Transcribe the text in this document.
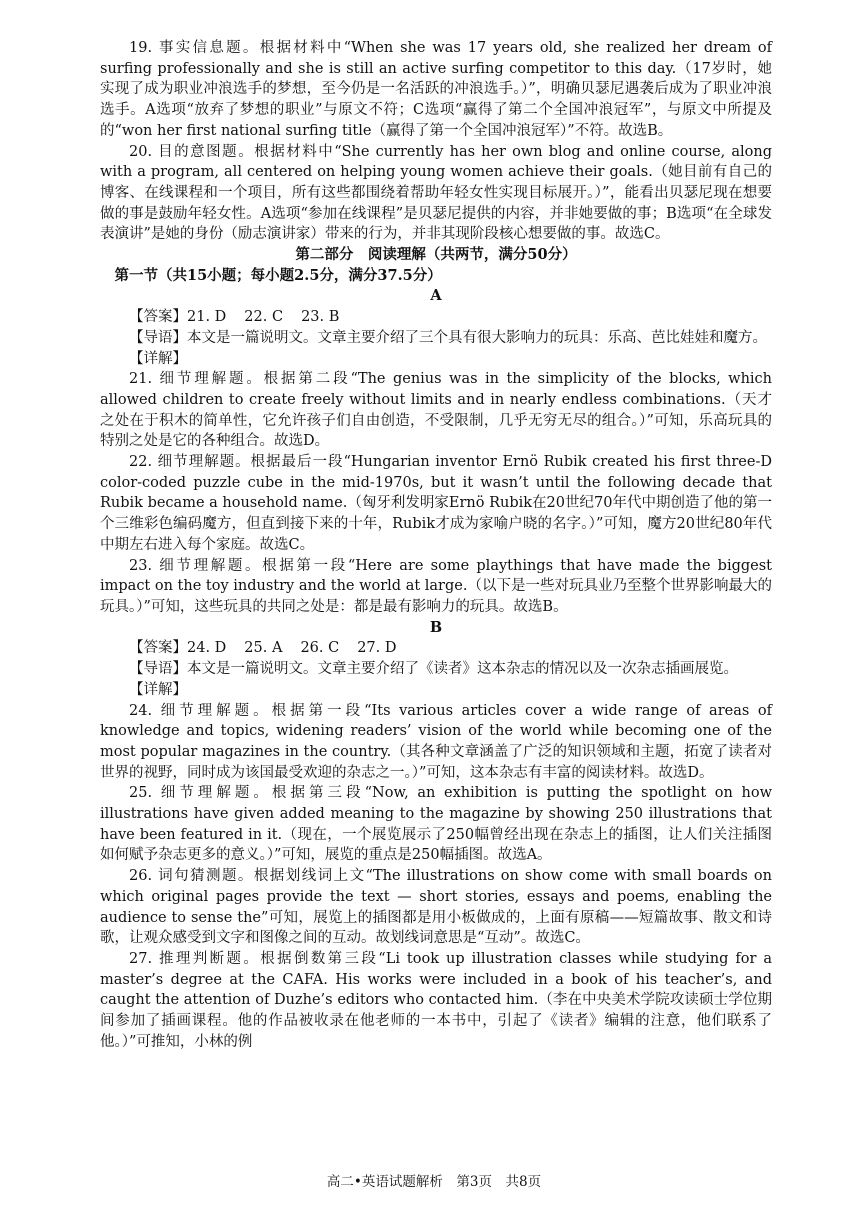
19. 事实信息题。根据材料中“When she was 17 years old, she realized her dream of surfing professionally and she is still an active surfing competitor to this day.（17岁时，她实现了成为职业冲浪选手的梦想，至今仍是一名活跃的冲浪选手。）”，明确贝瑟尼遇袭后成为了职业冲浪选手。A选项“放弃了梦想的职业”与原文不符；C选项“赢得了第二个全国冲浪冠军”，与原文中所提及的“won her first national surfing title（赢得了第一个全国冲浪冠军）”不符。故选B。

20. 目的意图题。根据材料中“She currently has her own blog and online course, along with a program, all centered on helping young women achieve their goals.（她目前有自己的博客、在线课程和一个项目，所有这些都围绕着帮助年轻女性实现目标展开。）”，能看出贝瑟尼现在想要做的事是鼓励年轻女性。A选项“参加在线课程”是贝瑟尼提供的内容，并非她要做的事；B选项“在全球发表演讲”是她的身份（励志演讲家）带来的行为，并非其现阶段核心想要做的事。故选C。

第二部分　阅读理解（共两节，满分50分）

第一节（共15小题；每小题2.5分，满分37.5分）

A

【答案】21. D 22. C 23. B

【导语】本文是一篇说明文。文章主要介绍了三个具有很大影响力的玩具：乐高、芭比娃娃和魔方。

【详解】

21. 细节理解题。根据第二段“The genius was in the simplicity of the blocks, which allowed children to create freely without limits and in nearly endless combinations.（天才之处在于积木的简单性，它允许孩子们自由创造，不受限制，几乎无穷无尽的组合。）”可知，乐高玩具的特别之处是它的各种组合。故选D。

22. 细节理解题。根据最后一段“Hungarian inventor Ernö Rubik created his first three-D color-coded puzzle cube in the mid-1970s, but it wasn’t until the following decade that Rubik became a household name.（匈牙利发明家Ernö Rubik在20世纪70年代中期创造了他的第一个三维彩色编码魔方，但直到接下来的十年，Rubik才成为家喻户晓的名字。）”可知，魔方20世纪80年代中期左右进入每个家庭。故选C。

23. 细节理解题。根据第一段“Here are some playthings that have made the biggest impact on the toy industry and the world at large.（以下是一些对玩具业乃至整个世界影响最大的玩具。）”可知，这些玩具的共同之处是：都是最有影响力的玩具。故选B。

B

【答案】24. D 25. A 26. C 27. D

【导语】本文是一篇说明文。文章主要介绍了《读者》这本杂志的情况以及一次杂志插画展览。

【详解】

24. 细节理解题。根据第一段“Its various articles cover a wide range of areas of knowledge and topics, widening readers’ vision of the world while becoming one of the most popular magazines in the country.（其各种文章涵盖了广泛的知识领域和主题，拓宽了读者对世界的视野，同时成为该国最受欢迎的杂志之一。）”可知，这本杂志有丰富的阅读材料。故选D。

25. 细节理解题。根据第三段“Now, an exhibition is putting the spotlight on how illustrations have given added meaning to the magazine by showing 250 illustrations that have been featured in it.（现在，一个展览展示了250幅曾经出现在杂志上的插图，让人们关注插图如何赋予杂志更多的意义。）”可知，展览的重点是250幅插图。故选A。

26. 词句猜测题。根据划线词上文“The illustrations on show come with small boards on which original pages provide the text — short stories, essays and poems, enabling the audience to sense the”可知，展览上的插图都是用小板做成的，上面有原稿——短篇故事、散文和诗歌，让观众感受到文字和图像之间的互动。故划线词意思是“互动”。故选C。

27. 推理判断题。根据倒数第三段“Li took up illustration classes while studying for a master’s degree at the CAFA. His works were included in a book of his teacher’s, and caught the attention of Duzhe’s editors who contacted him.（李在中央美术学院攻读硕士学位期间参加了插画课程。他的作品被收录在他老师的一本书中，引起了《读者》编辑的注意，他们联系了他。）”可推知，小林的例

高二•英语试题解析　第3页　共8页
